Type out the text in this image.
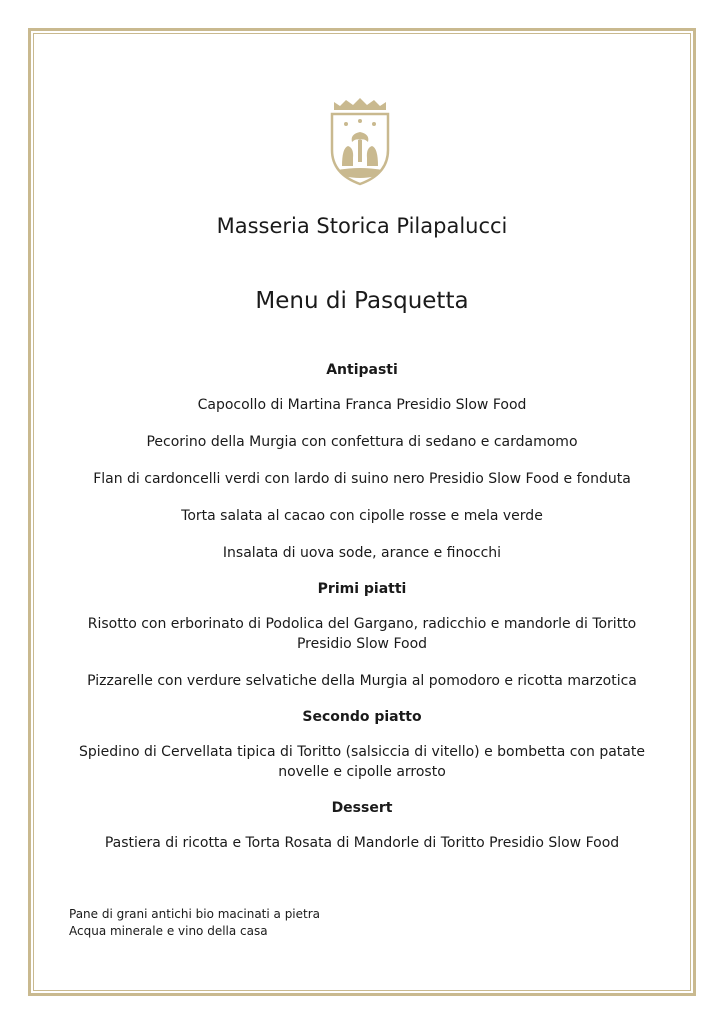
Masseria Storica Pilapalucci
Menu di Pasquetta

Antipasti

Capocollo di Martina Franca Presidio Slow Food

Pecorino della Murgia con confettura di sedano e cardamomo

Flan di cardoncelli verdi con lardo di suino nero Presidio Slow Food e fonduta

Torta salata al cacao con cipolle rosse e mela verde

Insalata di uova sode, arance e finocchi

Primi piatti

Risotto con erborinato di Podolica del Gargano, radicchio e mandorle di Toritto Presidio Slow Food

Pizzarelle con verdure selvatiche della Murgia al pomodoro e ricotta marzotica

Secondo piatto

Spiedino di Cervellata tipica di Toritto (salsiccia di vitello) e bombetta con patate novelle e cipolle arrosto

Dessert

Pastiera di ricotta e Torta Rosata di Mandorle di Toritto Presidio Slow Food

Pane di grani antichi bio macinati a pietra
Acqua minerale e vino della casa
